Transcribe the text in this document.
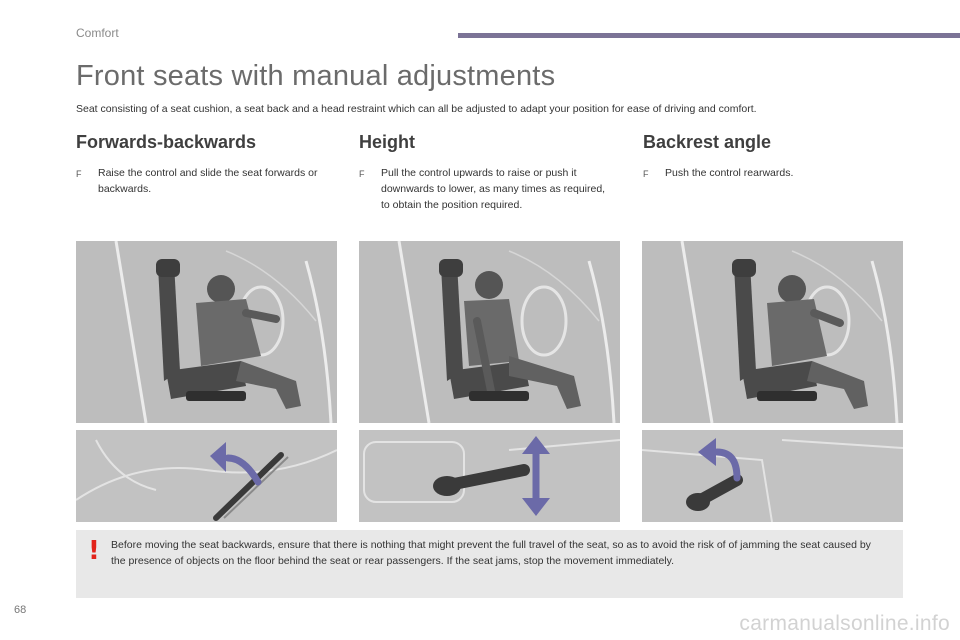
Comfort
Front seats with manual adjustments

Seat consisting of a seat cushion, a seat back and a head restraint which can all be adjusted to adapt your position for ease of driving and comfort.

Forwards-backwards
F	Raise the control and slide the seat forwards or backwards.
Height
F	Pull the control upwards to raise or push it downwards to lower, as many times as required, to obtain the position required.
Backrest angle
F	Push the control rearwards.
! Before moving the seat backwards, ensure that there is nothing that might prevent the full travel of the seat, so as to avoid the risk of of jamming the seat caused by the presence of objects on the floor behind the seat or rear passengers. If the seat jams, stop the movement immediately.
68
carmanualsonline.info
